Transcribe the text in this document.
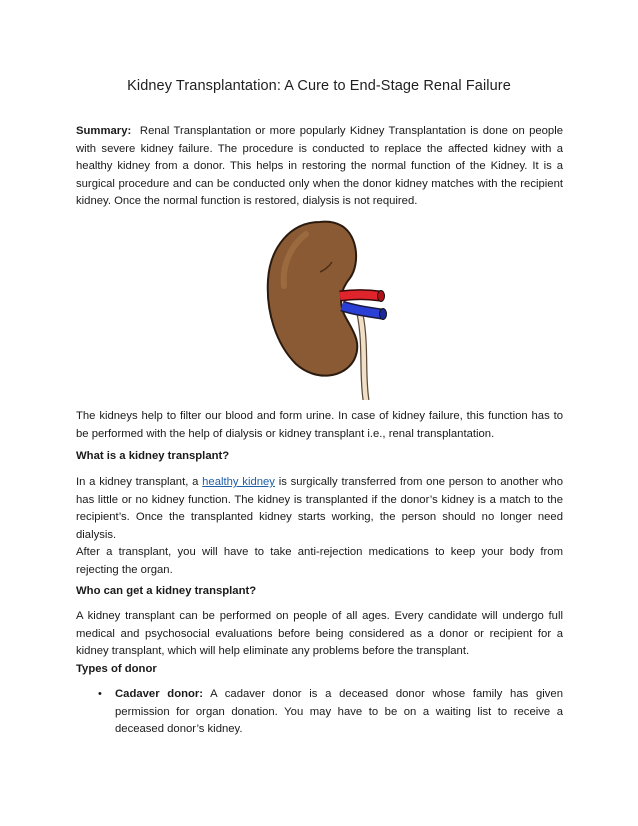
Kidney Transplantation: A Cure to End-Stage Renal Failure
Summary: Renal Transplantation or more popularly Kidney Transplantation is done on people with severe kidney failure. The procedure is conducted to replace the affected kidney with a healthy kidney from a donor. This helps in restoring the normal function of the Kidney. It is a surgical procedure and can be conducted only when the donor kidney matches with the recipient kidney. Once the normal function is restored, dialysis is not required.
The kidneys help to filter our blood and form urine. In case of kidney failure, this function has to be performed with the help of dialysis or kidney transplant i.e., renal transplantation.
What is a kidney transplant?
In a kidney transplant, a healthy kidney is surgically transferred from one person to another who has little or no kidney function. The kidney is transplanted if the donor’s kidney is a match to the recipient’s. Once the transplanted kidney starts working, the person should no longer need dialysis.
After a transplant, you will have to take anti-rejection medications to keep your body from rejecting the organ.
Who can get a kidney transplant?
A kidney transplant can be performed on people of all ages. Every candidate will undergo full medical and psychosocial evaluations before being considered as a donor or recipient for a kidney transplant, which will help eliminate any problems before the transplant.
Types of donor
•	Cadaver donor: A cadaver donor is a deceased donor whose family has given permission for organ donation. You may have to be on a waiting list to receive a deceased donor’s kidney.
